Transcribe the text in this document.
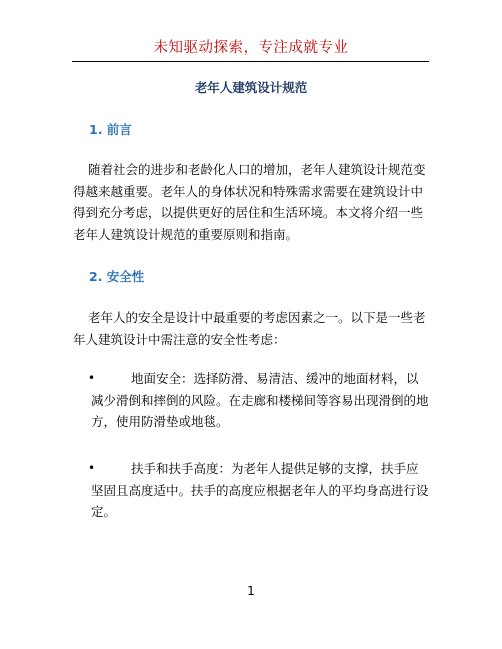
未知驱动探索，专注成就专业
老年人建筑设计规范
1. 前言

随着社会的进步和老龄化人口的增加，老年人建筑设计规范变得越来越重要。老年人的身体状况和特殊需求需要在建筑设计中得到充分考虑，以提供更好的居住和生活环境。本文将介绍一些老年人建筑设计规范的重要原则和指南。

2. 安全性

老年人的安全是设计中最重要的考虑因素之一。以下是一些老年人建筑设计中需注意的安全性考虑：

•	地面安全：选择防滑、易清洁、缓冲的地面材料，以减少滑倒和摔倒的风险。在走廊和楼梯间等容易出现滑倒的地方，使用防滑垫或地毯。
•	扶手和扶手高度：为老年人提供足够的支撑，扶手应坚固且高度适中。扶手的高度应根据老年人的平均身高进行设定。
1
